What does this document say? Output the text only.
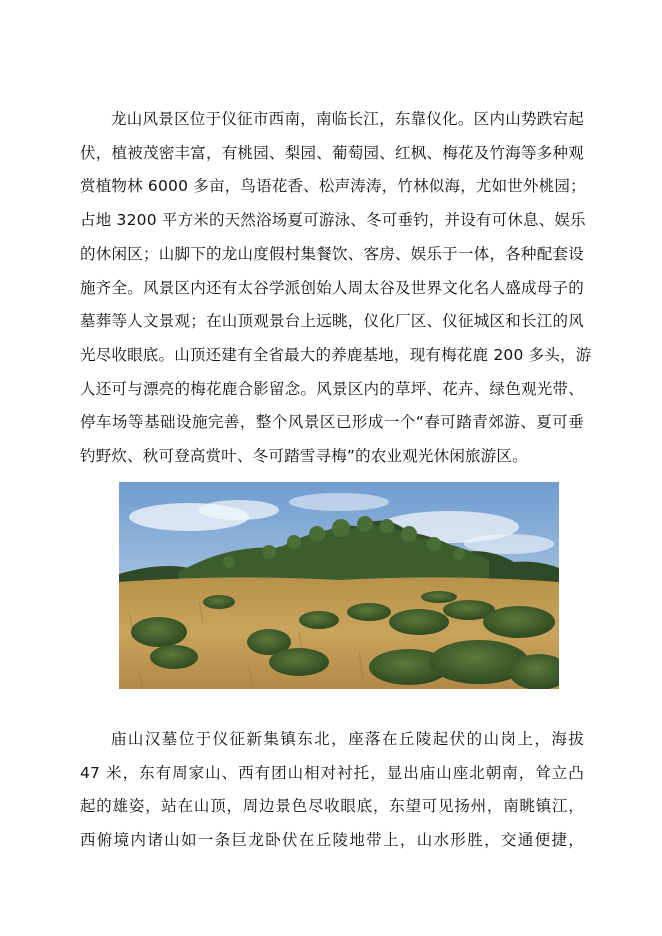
龙山风景区位于仪征市西南，南临长江，东靠仪化。区内山势跌宕起
伏，植被茂密丰富，有桃园、梨园、葡萄园、红枫、梅花及竹海等多种观
赏植物林 6000 多亩，鸟语花香、松声涛涛，竹林似海，尤如世外桃园；
占地 3200 平方米的天然浴场夏可游泳、冬可垂钓，并设有可休息、娱乐
的休闲区；山脚下的龙山度假村集餐饮、客房、娱乐于一体，各种配套设
施齐全。风景区内还有太谷学派创始人周太谷及世界文化名人盛成母子的
墓葬等人文景观；在山顶观景台上远眺，仪化厂区、仪征城区和长江的风
光尽收眼底。山顶还建有全省最大的养鹿基地，现有梅花鹿 200 多头，游
人还可与漂亮的梅花鹿合影留念。风景区内的草坪、花卉、绿色观光带、
停车场等基础设施完善，整个风景区已形成一个“春可踏青郊游、夏可垂
钓野炊、秋可登高赏叶、冬可踏雪寻梅”的农业观光休闲旅游区。
庙山汉墓位于仪征新集镇东北，座落在丘陵起伏的山岗上，海拔
47 米，东有周家山、西有团山相对衬托，显出庙山座北朝南，耸立凸
起的雄姿，站在山顶，周边景色尽收眼底，东望可见扬州，南眺镇江，
西俯境内诸山如一条巨龙卧伏在丘陵地带上，山水形胜，交通便捷，
